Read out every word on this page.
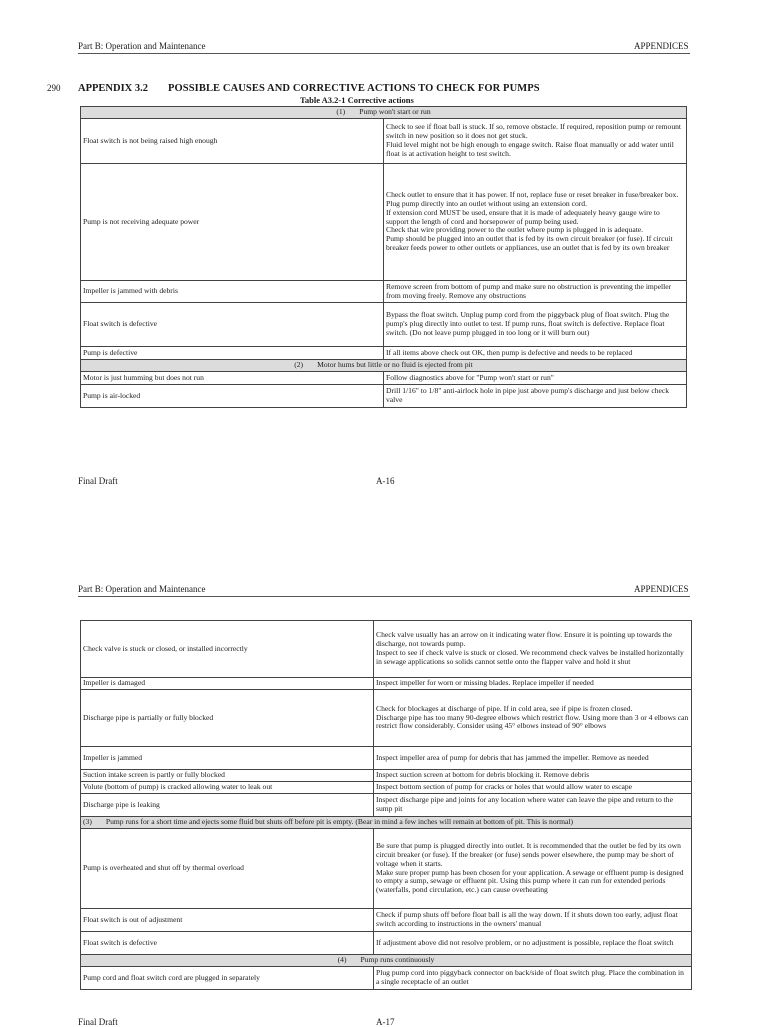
Part B: Operation and Maintenance	APPENDICES
290 APPENDIX 3.2 POSSIBLE CAUSES AND CORRECTIVE ACTIONS TO CHECK FOR PUMPS
Table A3.2-1 Corrective actions
(1) Pump won't start or run	
Float switch is not being raised high enough	Check to see if float ball is stuck. If so, remove obstacle. If required, reposition pump or remount switch in new position so it does not get stuck.
Fluid level might not be high enough to engage switch. Raise float manually or add water until float is at activation height to test switch.

Pump is not receiving adequate power	Check outlet to ensure that it has power. If not, replace fuse or reset breaker in fuse/breaker box.
Plug pump directly into an outlet without using an extension cord.
If extension cord MUST be used, ensure that it is made of adequately heavy gauge wire to support the length of cord and horsepower of pump being used.
Check that wire providing power to the outlet where pump is plugged in is adequate.
Pump should be plugged into an outlet that is fed by its own circuit breaker (or fuse). If circuit breaker feeds power to other outlets or appliances, use an outlet that is fed by its own breaker

Impeller is jammed with debris	Remove screen from bottom of pump and make sure no obstruction is preventing the impeller from moving freely. Remove any obstructions

Float switch is defective	Bypass the float switch. Unplug pump cord from the piggyback plug of float switch. Plug the pump's plug directly into outlet to test. If pump runs, float switch is defective. Replace float switch. (Do not leave pump plugged in too long or it will burn out)

Pump is defective	If all items above check out OK, then pump is defective and needs to be replaced

(2) Motor hums but little or no fluid is ejected from pit	
Motor is just humming but does not run	Follow diagnostics above for "Pump won't start or run"

Pump is air-locked	Drill 1/16" to 1/8" anti-airlock hole in pipe just above pump's discharge and just below check valve
Final Draft	A-16
Part B: Operation and Maintenance	APPENDICES
Check valve is stuck or closed, or installed incorrectly	Check valve usually has an arrow on it indicating water flow. Ensure it is pointing up towards the discharge, not towards pump.
Inspect to see if check valve is stuck or closed. We recommend check valves be installed horizontally in sewage applications so solids cannot settle onto the flapper valve and hold it shut

Impeller is damaged	Inspect impeller for worn or missing blades. Replace impeller if needed

Discharge pipe is partially or fully blocked	Check for blockages at discharge of pipe. If in cold area, see if pipe is frozen closed.
Discharge pipe has too many 90-degree elbows which restrict flow. Using more than 3 or 4 elbows can restrict flow considerably. Consider using 45° elbows instead of 90° elbows

Impeller is jammed	Inspect impeller area of pump for debris that has jammed the impeller. Remove as needed

Suction intake screen is partly or fully blocked	Inspect suction screen at bottom for debris blocking it. Remove debris

Volute (bottom of pump) is cracked allowing water to leak out	Inspect bottom section of pump for cracks or holes that would allow water to escape

Discharge pipe is leaking	Inspect discharge pipe and joints for any location where water can leave the pipe and return to the sump pit

(3) Pump runs for a short time and ejects some fluid but shuts off before pit is empty. (Bear in mind a few inches will remain at bottom of pit. This is normal)	
Pump is overheated and shut off by thermal overload	Be sure that pump is plugged directly into outlet. It is recommended that the outlet be fed by its own circuit breaker (or fuse). If the breaker (or fuse) sends power elsewhere, the pump may be short of voltage when it starts.
Make sure proper pump has been chosen for your application. A sewage or effluent pump is designed to empty a sump, sewage or effluent pit. Using this pump where it can run for extended periods (waterfalls, pond circulation, etc.) can cause overheating

Float switch is out of adjustment	Check if pump shuts off before float ball is all the way down. If it shuts down too early, adjust float switch according to instructions in the owners' manual

Float switch is defective	If adjustment above did not resolve problem, or no adjustment is possible, replace the float switch

(4) Pump runs continuously	
Pump cord and float switch cord are plugged in separately	Plug pump cord into piggyback connector on back/side of float switch plug. Place the combination in a single receptacle of an outlet
Final Draft	A-17
